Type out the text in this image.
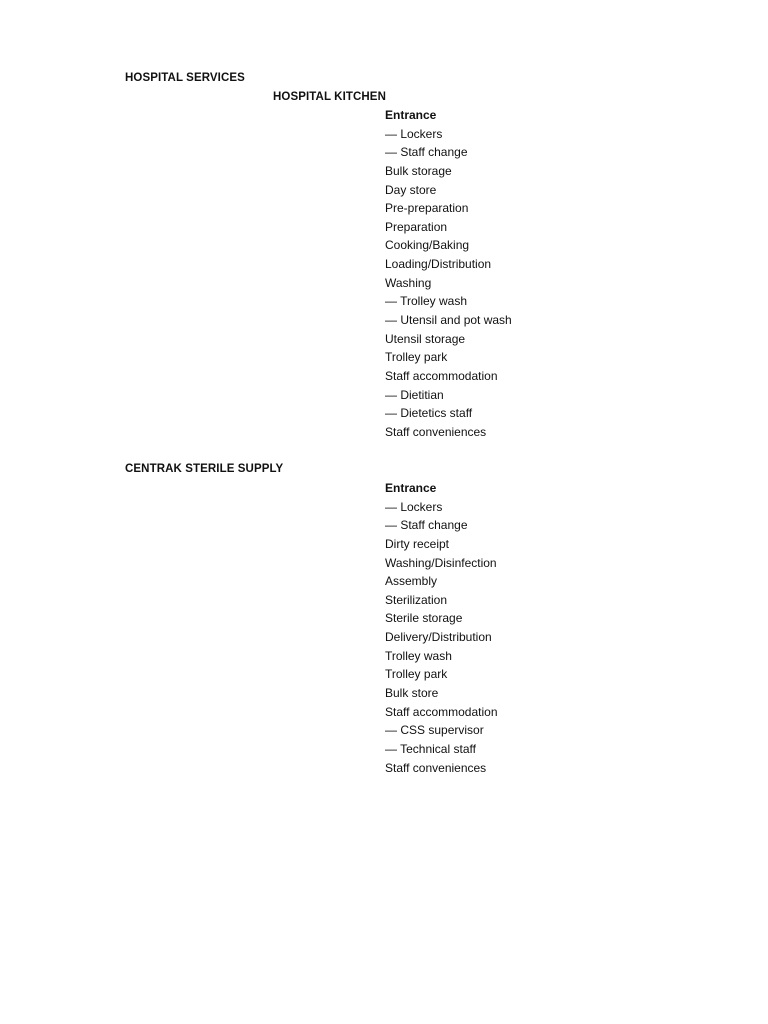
HOSPITAL SERVICES
HOSPITAL KITCHEN
Entrance
— Lockers
— Staff change
Bulk storage
Day store
Pre-preparation
Preparation
Cooking/Baking
Loading/Distribution
Washing
— Trolley wash
— Utensil and pot wash
Utensil storage
Trolley park
Staff accommodation
— Dietitian
— Dietetics staff
Staff conveniences
CENTRAK STERILE SUPPLY
Entrance
— Lockers
— Staff change
Dirty receipt
Washing/Disinfection
Assembly
Sterilization
Sterile storage
Delivery/Distribution
Trolley wash
Trolley park
Bulk store
Staff accommodation
— CSS supervisor
— Technical staff
Staff conveniences
